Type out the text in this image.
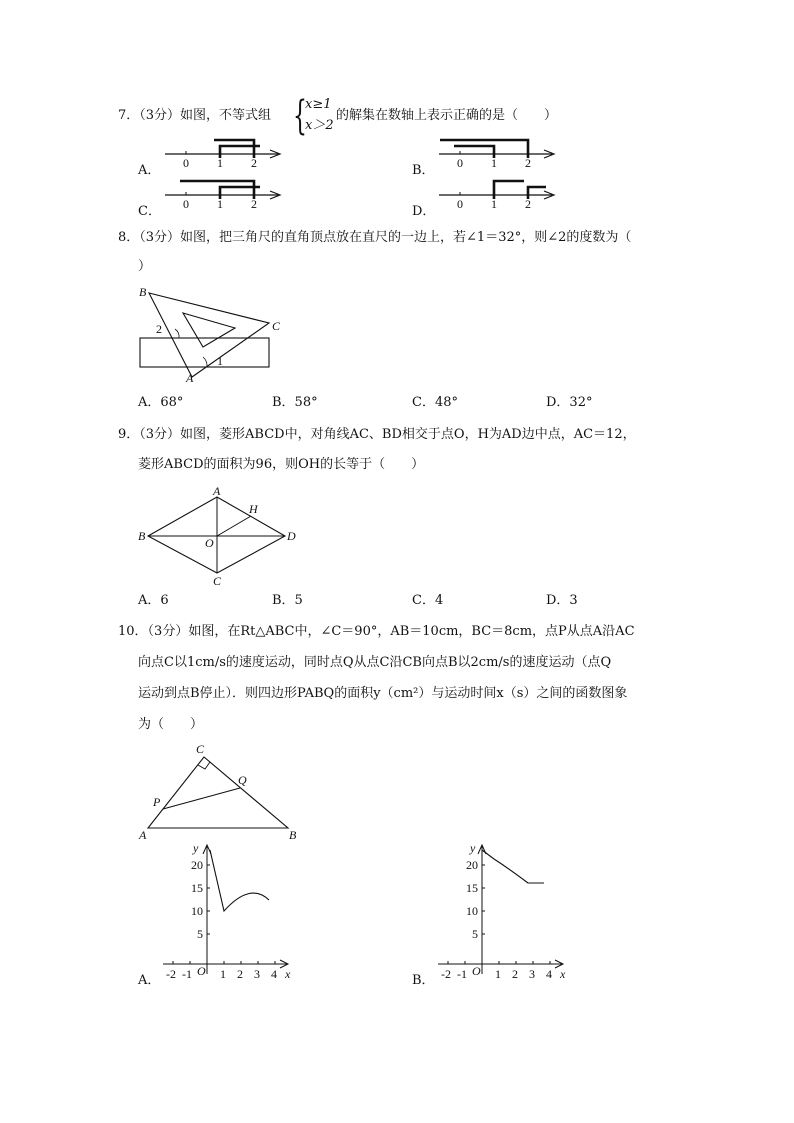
7．（3分）如图，不等式组 {
x≥1
x＞2
的解集在数轴上表示正确的是（　　）
A． 0 1 2	B． 0 1 2
C． 0 1 2	D． 0 1 2
8．（3分）如图，把三角尺的直角顶点放在直尺的一边上，若∠1＝32°，则∠2的度数为（
）
B
C
A
2
1
A．68°	B．58°	C．48°	D．32°
9．（3分）如图，菱形ABCD中，对角线AC、BD相交于点O，H为AD边中点，AC＝12，
菱形ABCD的面积为96，则OH的长等于（　　）
A
B	D
C
O
H
A．6	B．5	C．4	D．3
10．（3分）如图，在Rt△ABC中，∠C＝90°，AB＝10cm，BC＝8cm，点P从点A沿AC
向点C以1cm/s的速度运动，同时点Q从点C沿CB向点B以2cm/s的速度运动（点Q
运动到点B停止）．则四边形PABQ的面积y（cm²）与运动时间x（s）之间的函数图象
为（　　）
C
A	B
P
Q
y
20
15
10
5
-2 -1 O 1 2 3 4 x
A．
y
20
15
10
5
-2 -1 O 1 2 3 4 x
B．
